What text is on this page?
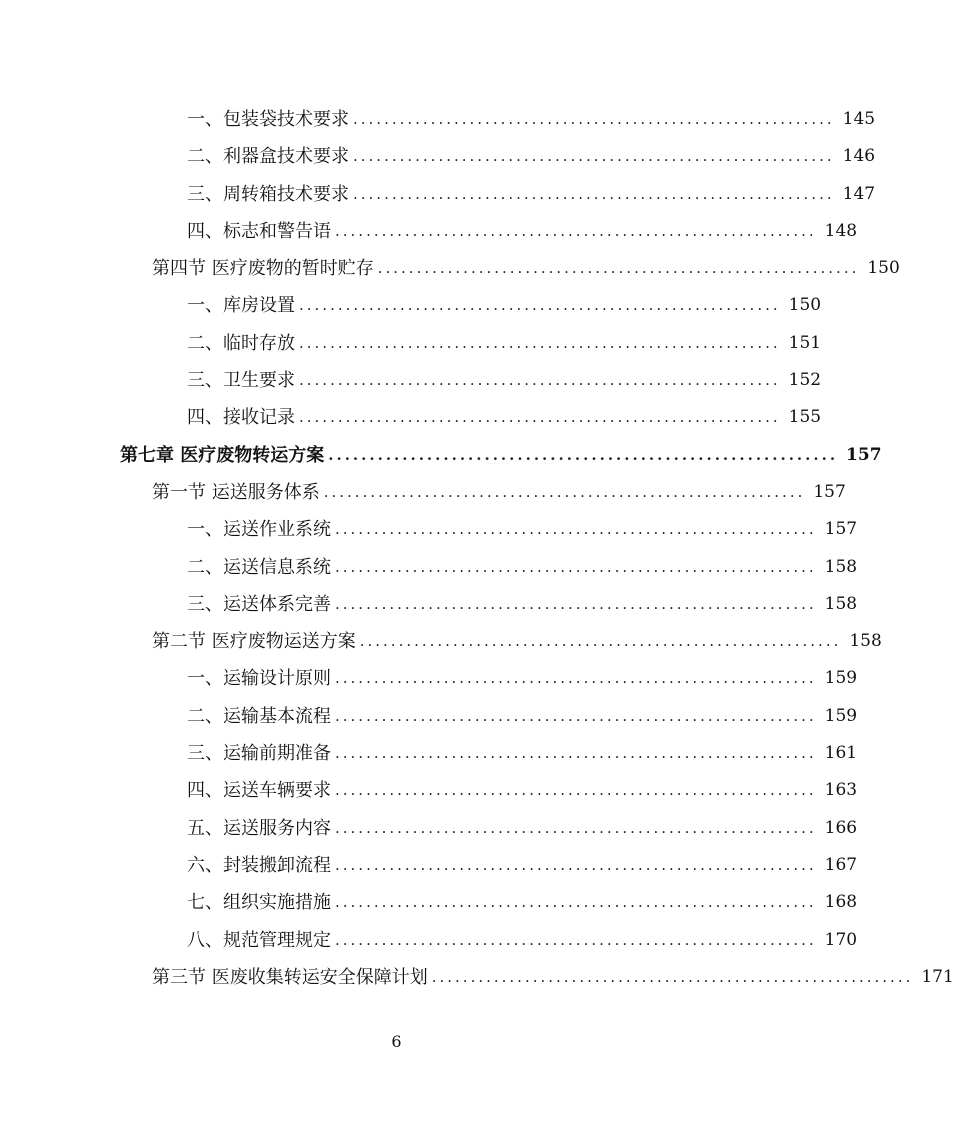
一、包装袋技术要求 .............................................................. 145
二、利器盒技术要求 .............................................................. 146
三、周转箱技术要求 .............................................................. 147
四、标志和警告语 .............................................................. 148
第四节 医疗废物的暂时贮存 .............................................................. 150
一、库房设置 .............................................................. 150
二、临时存放 .............................................................. 151
三、卫生要求 .............................................................. 152
四、接收记录 .............................................................. 155
第七章 医疗废物转运方案 .............................................................. 157
第一节 运送服务体系 .............................................................. 157
一、运送作业系统 .............................................................. 157
二、运送信息系统 .............................................................. 158
三、运送体系完善 .............................................................. 158
第二节 医疗废物运送方案 .............................................................. 158
一、运输设计原则 .............................................................. 159
二、运输基本流程 .............................................................. 159
三、运输前期准备 .............................................................. 161
四、运送车辆要求 .............................................................. 163
五、运送服务内容 .............................................................. 166
六、封装搬卸流程 .............................................................. 167
七、组织实施措施 .............................................................. 168
八、规范管理规定 .............................................................. 170
第三节 医废收集转运安全保障计划 .............................................................. 171
6
